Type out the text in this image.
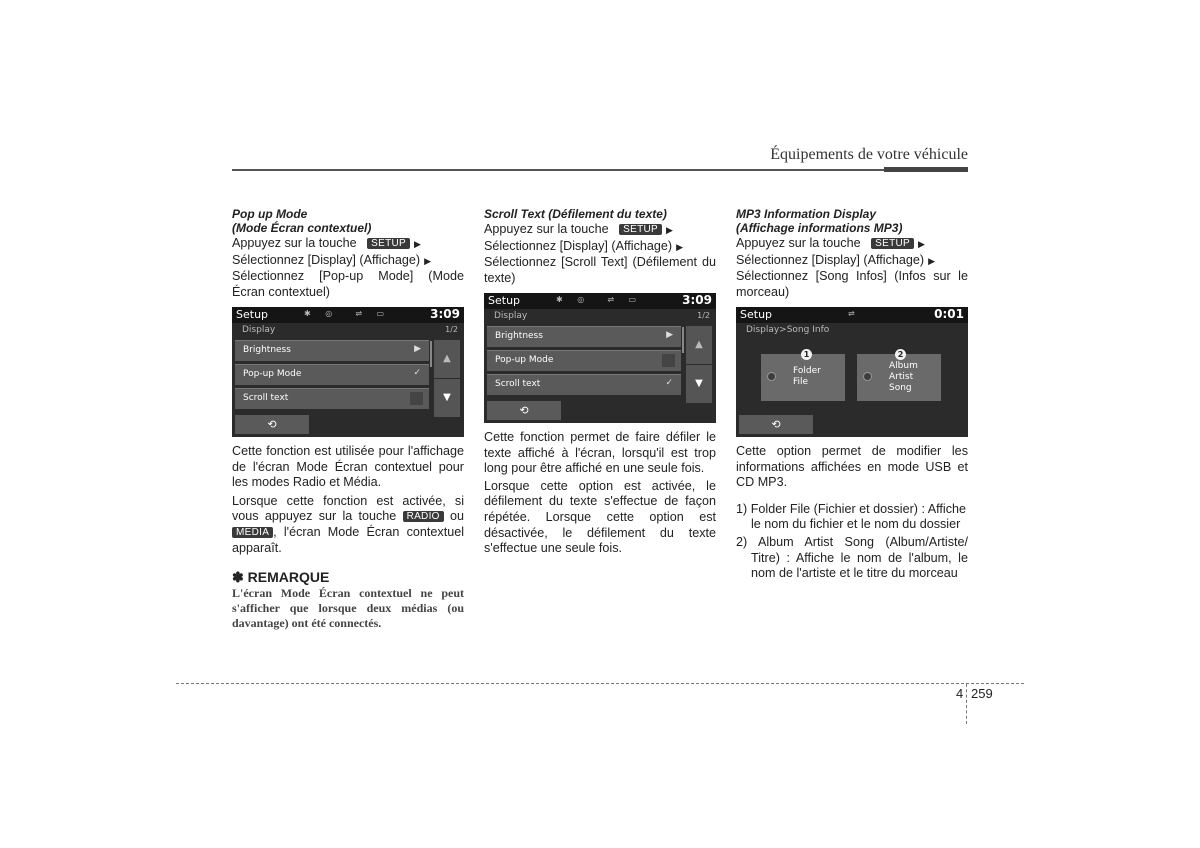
Équipements de votre véhicule
Pop up Mode
(Mode Écran contextuel)

Appuyez sur la touche SETUP ▶

Sélectionnez [Display] (Affichage) ▶

Sélectionnez [Pop-up Mode] (Mode Écran contextuel)

Setup	✱ ◎  ⇌ ▭	3:09
Display	1/2
Brightness	▶
Pop-up Mode	✓
Scroll text
▲
▼
⟲

Cette fonction est utilisée pour l'affichage de l'écran Mode Écran contextuel pour les modes Radio et Média.

Lorsque cette fonction est activée, si vous appuyez sur la touche RADIO ou MEDIA , l'écran Mode Écran contextuel apparaît.

✽ REMARQUE

L'écran Mode Écran contextuel ne peut s'afficher que lorsque deux médias (ou davantage) ont été connectés.

Scroll Text (Défilement du texte)

Appuyez sur la touche SETUP ▶

Sélectionnez [Display] (Affichage) ▶

Sélectionnez [Scroll Text] (Défilement du texte)

Setup	✱ ◎  ⇌ ▭	3:09
Display	1/2
Brightness	▶
Pop-up Mode
Scroll text	✓
▲
▼
⟲

Cette fonction permet de faire défiler le texte affiché à l'écran, lorsqu'il est trop long pour être affiché en une seule fois.

Lorsque cette option est activée, le défilement du texte s'effectue de façon répétée. Lorsque cette option est désactivée, le défilement du texte s'effectue une seule fois.

MP3 Information Display
(Affichage informations MP3)

Appuyez sur la touche SETUP ▶

Sélectionnez [Display] (Affichage) ▶

Sélectionnez [Song Infos] (Infos sur le morceau)

Setup	⇌	0:01
Display>Song Info
Folder
File
1
Album
Artist
Song
2
⟲

Cette option permet de modifier les informations affichées en mode USB et CD MP3.

1) Folder File (Fichier et dossier) : Affiche le nom du fichier et le nom du dossier

2) Album Artist Song (Album/Artiste/ Titre) : Affiche le nom de l'album, le nom de l'artiste et le titre du morceau

4 259
